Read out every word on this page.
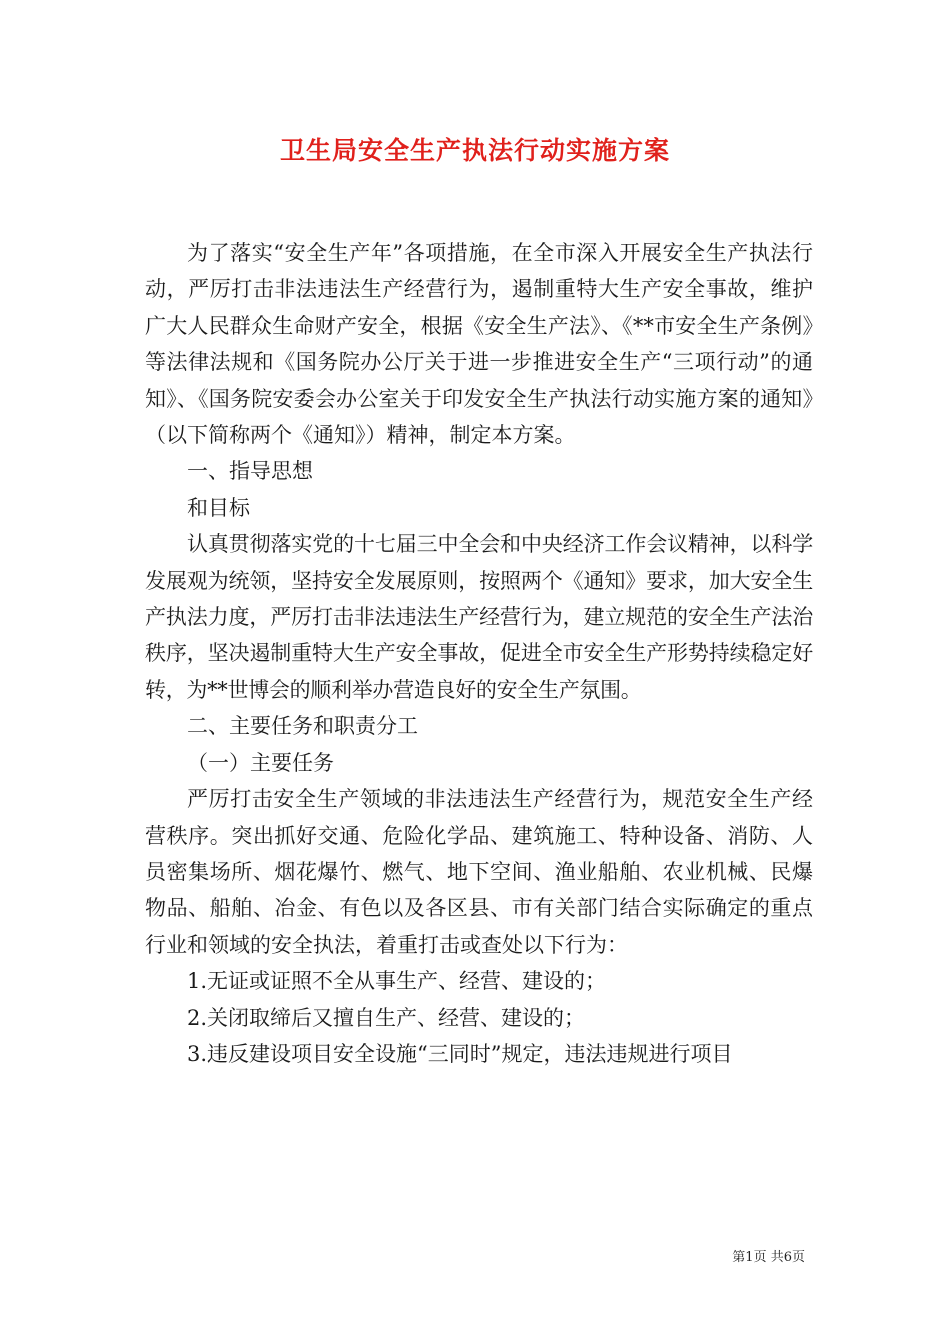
卫生局安全生产执法行动实施方案

为了落实“安全生产年”各项措施，在全市深入开展安全生产执法行动，严厉打击非法违法生产经营行为，遏制重特大生产安全事故，维护广大人民群众生命财产安全，根据《安全生产法》、《**市安全生产条例》等法律法规和《国务院办公厅关于进一步推进安全生产“三项行动”的通知》、《国务院安委会办公室关于印发安全生产执法行动实施方案的通知》（以下简称两个《通知》）精神，制定本方案。

一、指导思想

和目标

认真贯彻落实党的十七届三中全会和中央经济工作会议精神，以科学发展观为统领，坚持安全发展原则，按照两个《通知》要求，加大安全生产执法力度，严厉打击非法违法生产经营行为，建立规范的安全生产法治秩序，坚决遏制重特大生产安全事故，促进全市安全生产形势持续稳定好转，为**世博会的顺利举办营造良好的安全生产氛围。

二、主要任务和职责分工

（一）主要任务

严厉打击安全生产领域的非法违法生产经营行为，规范安全生产经营秩序。突出抓好交通、危险化学品、建筑施工、特种设备、消防、人员密集场所、烟花爆竹、燃气、地下空间、渔业船舶、农业机械、民爆物品、船舶、冶金、有色以及各区县、市有关部门结合实际确定的重点行业和领域的安全执法，着重打击或查处以下行为：

1.无证或证照不全从事生产、经营、建设的；

2.关闭取缔后又擅自生产、经营、建设的；

3.违反建设项目安全设施“三同时”规定，违法违规进行项目

第1页 共6页
